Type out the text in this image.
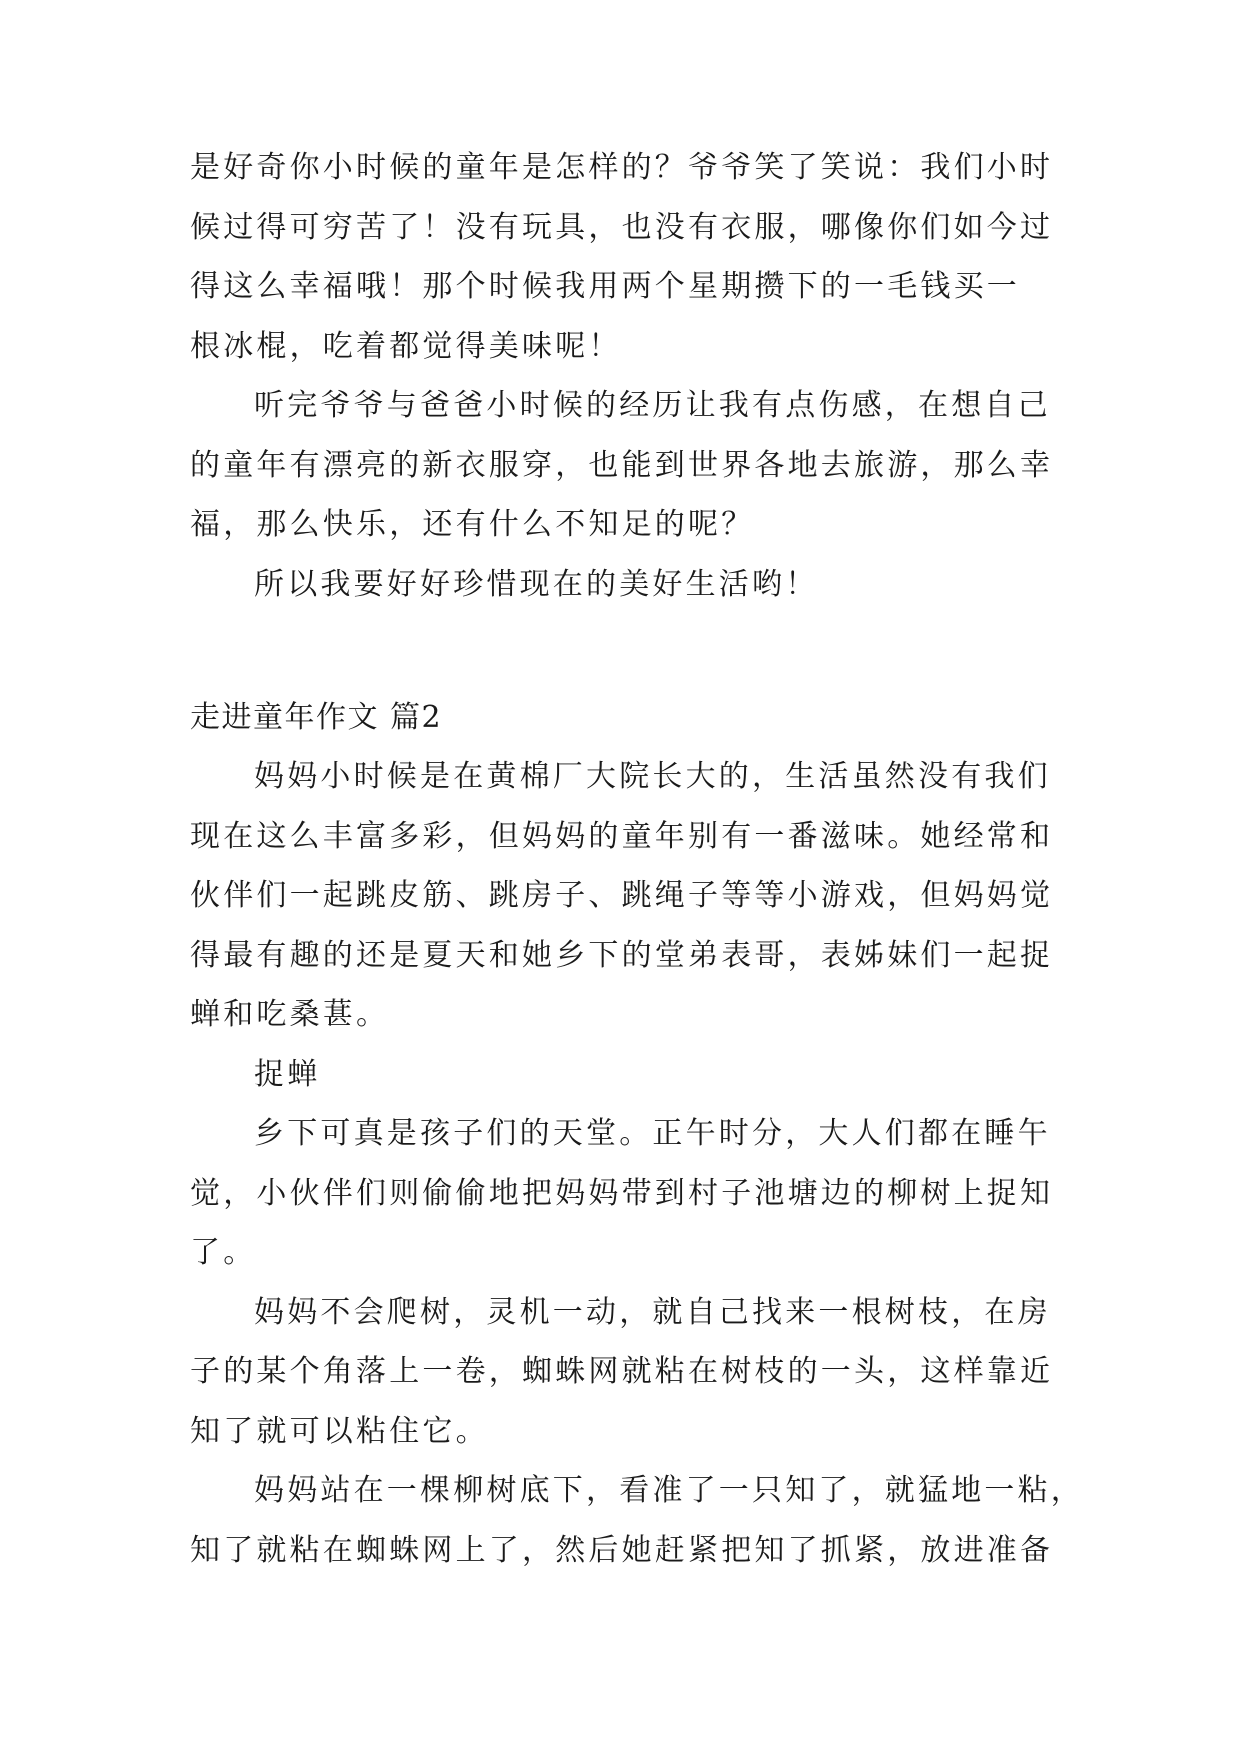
是好奇你小时候的童年是怎样的？爷爷笑了笑说：我们小时
候过得可穷苦了！没有玩具，也没有衣服，哪像你们如今过
得这么幸福哦！那个时候我用两个星期攒下的一毛钱买一
根冰棍，吃着都觉得美味呢！

听完爷爷与爸爸小时候的经历让我有点伤感，在想自己
的童年有漂亮的新衣服穿，也能到世界各地去旅游，那么幸
福，那么快乐，还有什么不知足的呢？

所以我要好好珍惜现在的美好生活哟！

走进童年作文 篇2

妈妈小时候是在黄棉厂大院长大的，生活虽然没有我们
现在这么丰富多彩，但妈妈的童年别有一番滋味。她经常和
伙伴们一起跳皮筋、跳房子、跳绳子等等小游戏，但妈妈觉
得最有趣的还是夏天和她乡下的堂弟表哥，表姊妹们一起捉
蝉和吃桑葚。

捉蝉

乡下可真是孩子们的天堂。正午时分，大人们都在睡午
觉，小伙伴们则偷偷地把妈妈带到村子池塘边的柳树上捉知
了。

妈妈不会爬树，灵机一动，就自己找来一根树枝，在房
子的某个角落上一卷，蜘蛛网就粘在树枝的一头，这样靠近
知了就可以粘住它。

妈妈站在一棵柳树底下，看准了一只知了，就猛地一粘，
知了就粘在蜘蛛网上了，然后她赶紧把知了抓紧，放进准备
